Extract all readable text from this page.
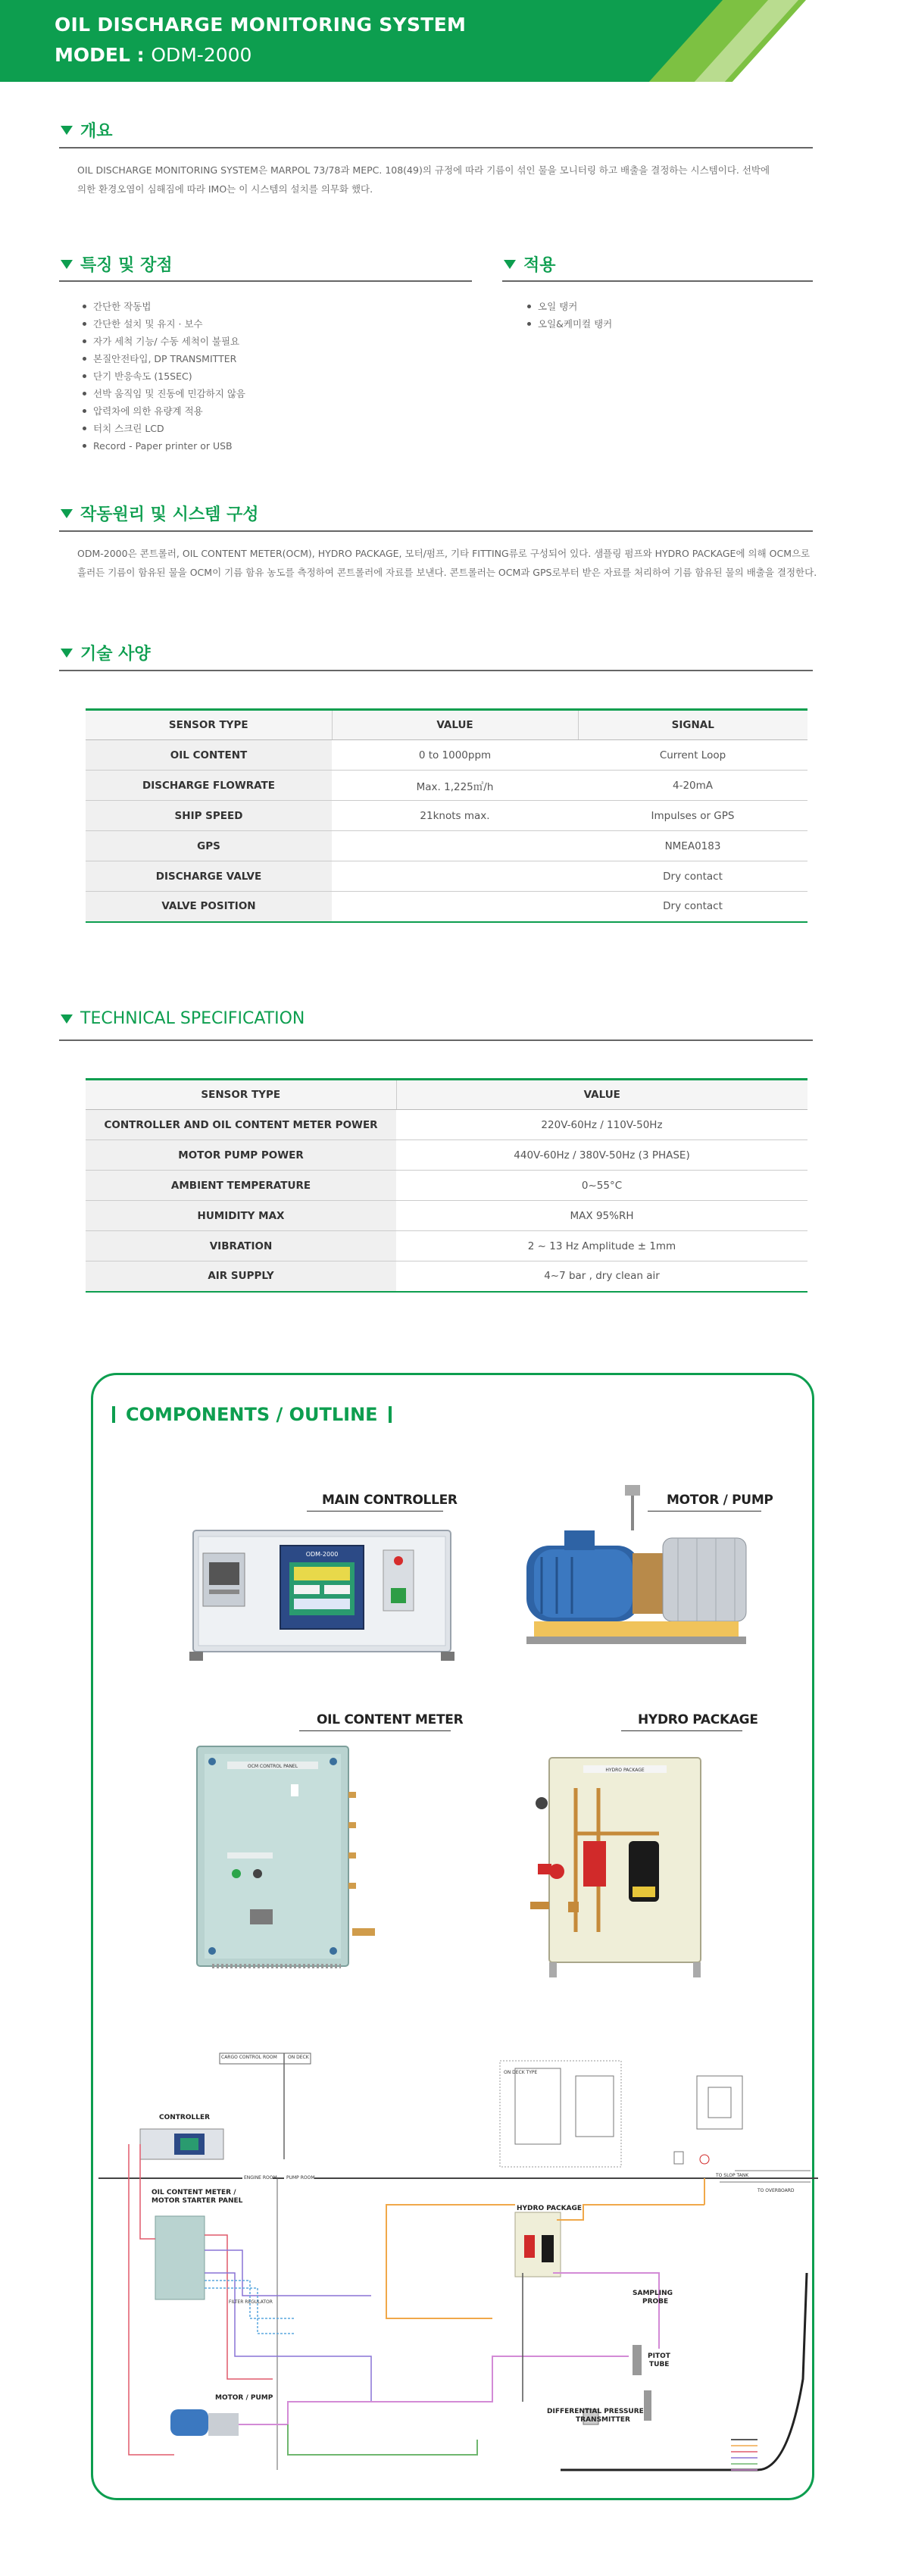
OIL DISCHARGE MONITORING SYSTEM
MODEL : ODM-2000
개요
OIL DISCHARGE MONITORING SYSTEM은 MARPOL 73/78과 MEPC. 108(49)의 규정에 따라 기름이 섞인 물을 모니터링 하고 배출을 결정하는 시스템이다. 선박에
의한 환경오염이 심해짐에 따라 IMO는 이 시스템의 설치를 의무화 했다.
특징 및 장점
간단한 작동법
간단한 설치 및 유지 · 보수
자가 세척 기능/ 수동 세척이 불필요
본질안전타입, DP TRANSMITTER
단기 반응속도 (15SEC)
선박 움직임 및 진동에 민감하지 않음
압력차에 의한 유량계 적용
터치 스크린 LCD
Record - Paper printer or USB
적용
오일 탱커
오일&케미컬 탱커
작동원리 및 시스템 구성
ODM-2000은 콘트롤러, OIL CONTENT METER(OCM), HYDRO PACKAGE, 모터/펌프, 기타 FITTING류로 구성되어 있다. 샘플링 펌프와 HYDRO PACKAGE에 의해 OCM으로
흘러든 기름이 함유된 물을 OCM이 기름 함유 농도를 측정하여 콘트롤러에 자료를 보낸다. 콘트롤러는 OCM과 GPS로부터 받은 자료를 처리하여 기름 함유된 물의 배출을 결정한다.
기술 사양
SENSOR TYPE	VALUE	SIGNAL
OIL CONTENT	0 to 1000ppm	Current Loop
DISCHARGE FLOWRATE	Max. 1,225㎥/h	4-20mA
SHIP SPEED	21knots max.	Impulses or GPS
GPS		NMEA0183
DISCHARGE VALVE		Dry contact
VALVE POSITION		Dry contact
TECHNICAL SPECIFICATION
SENSOR TYPE	VALUE
CONTROLLER AND OIL CONTENT METER POWER	220V-60Hz / 110V-50Hz
MOTOR PUMP POWER	440V-60Hz / 380V-50Hz (3 PHASE)
AMBIENT TEMPERATURE	0~55°C
HUMIDITY MAX	MAX 95%RH
VIBRATION	2 ~ 13 Hz Amplitude ± 1mm
AIR SUPPLY	4~7 bar , dry clean air
COMPONENTS / OUTLINE
MAIN CONTROLLER
ODM-2000
MOTOR / PUMP
OIL CONTENT METER
OCM CONTROL PANEL
HYDRO PACKAGE
HYDRO PACKAGE
CARGO CONTROL ROOM ON DECK
ON DECK TYPE
CONTROLLER
ENGINE ROOM PUMP ROOM
OIL CONTENT METER /
MOTOR STARTER PANEL
HYDRO PACKAGE
FILTER REGULATOR
SAMPLING
PROBE
PITOT
TUBE
MOTOR / PUMP
DIFFERENTIAL PRESSURE
TRANSMITTER
TO SLOP TANK
TO OVERBOARD
